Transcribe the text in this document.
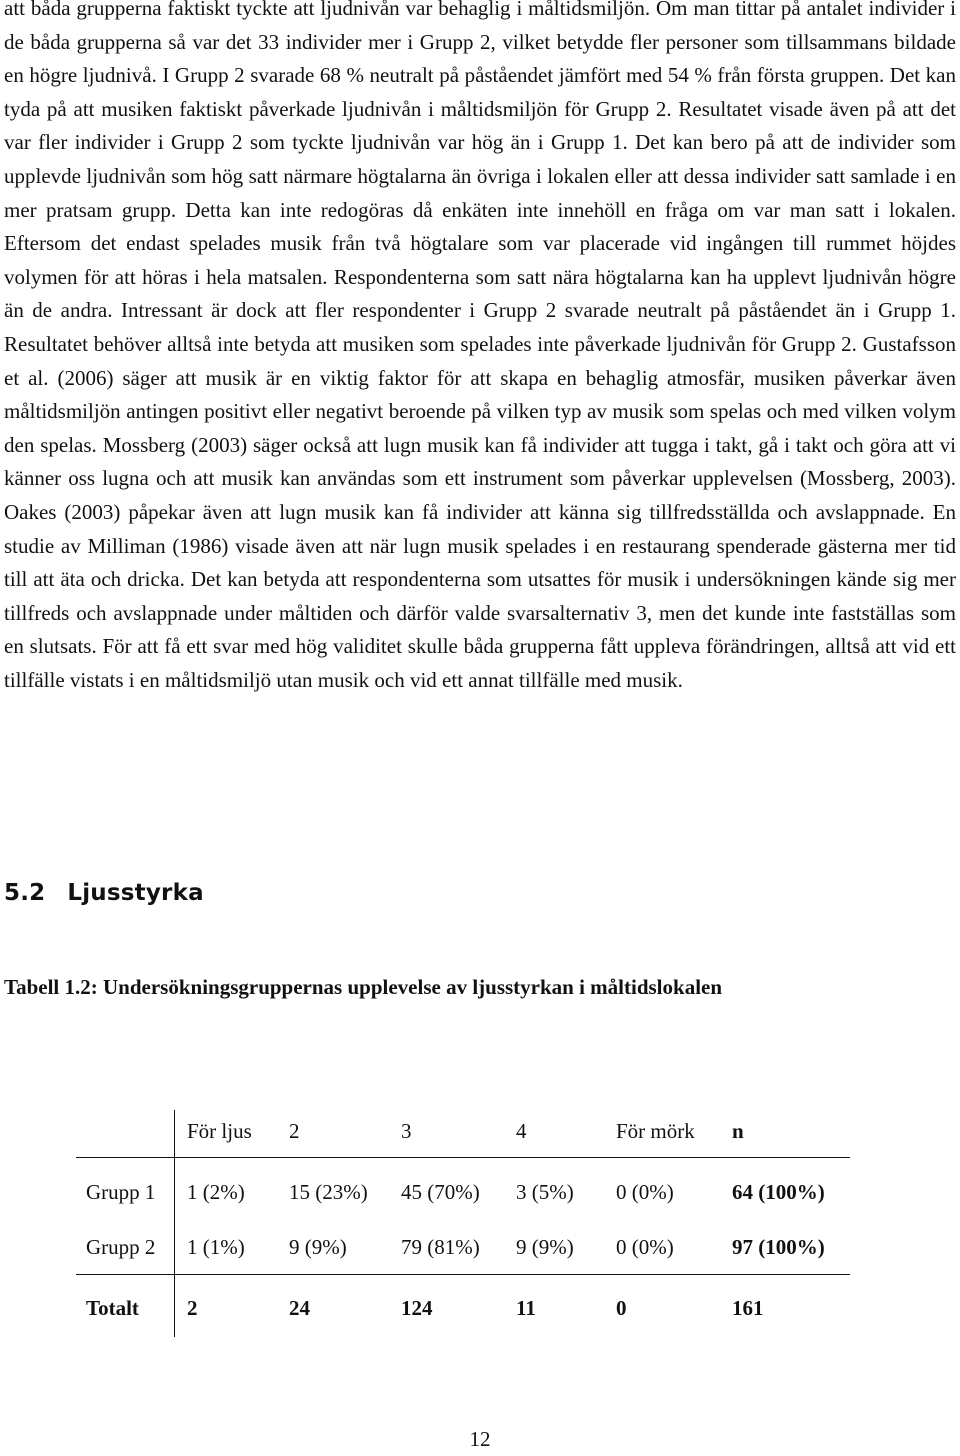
att båda grupperna faktiskt tyckte att ljudnivån var behaglig i måltidsmiljön. Om man tittar på antalet individer i de båda grupperna så var det 33 individer mer i Grupp 2, vilket betydde fler personer som tillsammans bildade en högre ljudnivå. I Grupp 2 svarade 68 % neutralt på påståendet jämfört med 54 % från första gruppen. Det kan tyda på att musiken faktiskt påverkade ljudnivån i måltidsmiljön för Grupp 2. Resultatet visade även på att det var fler individer i Grupp 2 som tyckte ljudnivån var hög än i Grupp 1. Det kan bero på att de individer som upplevde ljudnivån som hög satt närmare högtalarna än övriga i lokalen eller att dessa individer satt samlade i en mer pratsam grupp. Detta kan inte redogöras då enkäten inte innehöll en fråga om var man satt i lokalen. Eftersom det endast spelades musik från två högtalare som var placerade vid ingången till rummet höjdes volymen för att höras i hela matsalen. Respondenterna som satt nära högtalarna kan ha upplevt ljudnivån högre än de andra. Intressant är dock att fler respondenter i Grupp 2 svarade neutralt på påståendet än i Grupp 1. Resultatet behöver alltså inte betyda att musiken som spelades inte påverkade ljudnivån för Grupp 2. Gustafsson et al. (2006) säger att musik är en viktig faktor för att skapa en behaglig atmosfär, musiken påverkar även måltidsmiljön antingen positivt eller negativt beroende på vilken typ av musik som spelas och med vilken volym den spelas. Mossberg (2003) säger också att lugn musik kan få individer att tugga i takt, gå i takt och göra att vi känner oss lugna och att musik kan användas som ett instrument som påverkar upplevelsen (Mossberg, 2003). Oakes (2003) påpekar även att lugn musik kan få individer att känna sig tillfredsställda och avslappnade. En studie av Milliman (1986) visade även att när lugn musik spelades i en restaurang spenderade gästerna mer tid till att äta och dricka. Det kan betyda att respondenterna som utsattes för musik i undersökningen kände sig mer tillfreds och avslappnade under måltiden och därför valde svarsalternativ 3, men det kunde inte fastställas som en slutsats. För att få ett svar med hög validitet skulle båda grupperna fått uppleva förändringen, alltså att vid ett tillfälle vistats i en måltidsmiljö utan musik och vid ett annat tillfälle med musik.

5.2 Ljusstyrka

Tabell 1.2: Undersökningsgruppernas upplevelse av ljusstyrkan i måltidslokalen

	För ljus	2	3	4	För mörk	n
Grupp 1	1 (2%)	15 (23%)	45 (70%)	3 (5%)	0 (0%)	64 (100%)
Grupp 2	1 (1%)	9 (9%)	79 (81%)	9 (9%)	0 (0%)	97 (100%)
Totalt	2	24	124	11	0	161

12
